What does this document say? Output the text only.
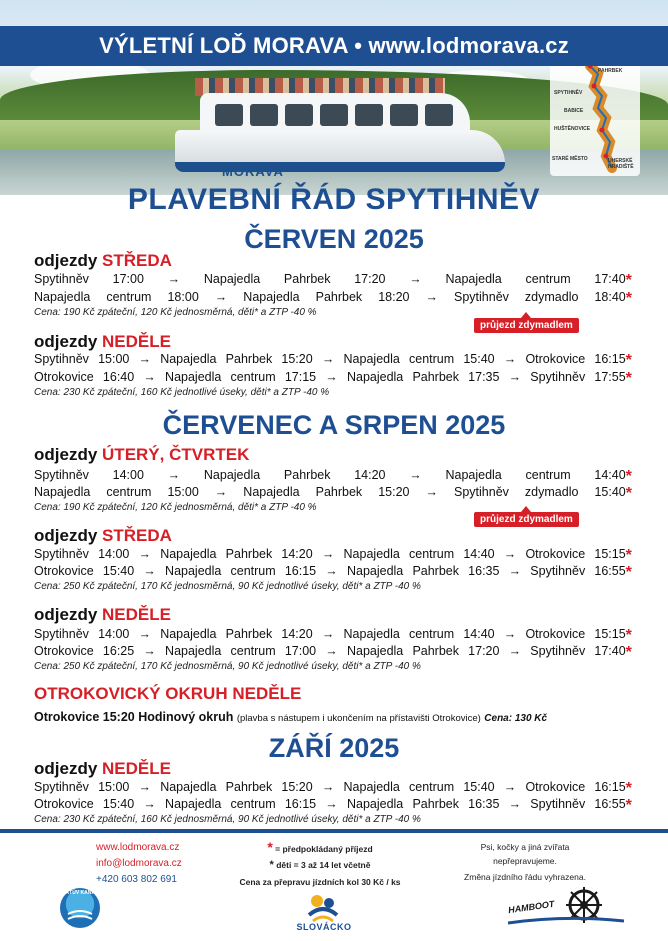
MORAVA 32302950
PAHRBEK
SPYTIHNĚV
BABICE
HUŠTĚNOVICE
STARÉ MĚSTO	UHERSKÉ HRADIŠTĚ
VÝLETNÍ LOĎ MORAVA • www.lodmorava.cz
PLAVEBNÍ ŘÁD SPYTIHNĚV
ČERVEN 2025
odjezdy STŘEDA
Spytihněv 17:00 → Napajedla Pahrbek 17:20 → Napajedla centrum 17:40*
Napajedla centrum 18:00 → Napajedla Pahrbek 18:20 → Spytihněv zdymadlo 18:40*
Cena: 190 Kč zpáteční, 120 Kč jednosměrná, děti* a ZTP -40 %
průjezd zdymadlem
odjezdy NEDĚLE
Spytihněv 15:00 → Napajedla Pahrbek 15:20 → Napajedla centrum 15:40 → Otrokovice 16:15*
Otrokovice 16:40 → Napajedla centrum 17:15 → Napajedla Pahrbek 17:35 → Spytihněv 17:55*
Cena: 230 Kč zpáteční, 160 Kč jednotlivé úseky, děti* a ZTP -40 %
ČERVENEC A SRPEN 2025
odjezdy ÚTERÝ, ČTVRTEK
Spytihněv 14:00 → Napajedla Pahrbek 14:20 → Napajedla centrum 14:40*
Napajedla centrum 15:00 → Napajedla Pahrbek 15:20 → Spytihněv zdymadlo 15:40*
Cena: 190 Kč zpáteční, 120 Kč jednosměrná, děti* a ZTP -40 %
průjezd zdymadlem
odjezdy STŘEDA
Spytihněv 14:00 → Napajedla Pahrbek 14:20 → Napajedla centrum 14:40 → Otrokovice 15:15*
Otrokovice 15:40 → Napajedla centrum 16:15 → Napajedla Pahrbek 16:35 → Spytihněv 16:55*
Cena: 250 Kč zpáteční, 170 Kč jednosměrná, 90 Kč jednotlivé úseky, děti* a ZTP -40 %
odjezdy NEDĚLE
Spytihněv 14:00 → Napajedla Pahrbek 14:20 → Napajedla centrum 14:40 → Otrokovice 15:15*
Otrokovice 16:25 → Napajedla centrum 17:00 → Napajedla Pahrbek 17:20 → Spytihněv 17:40*
Cena: 250 Kč zpáteční, 170 Kč jednosměrná, 90 Kč jednotlivé úseky, děti* a ZTP -40 %
OTROKOVICKÝ OKRUH NEDĚLE
Otrokovice 15:20 Hodinový okruh (plavba s nástupem i ukončením na přístavišti Otrokovice) Cena: 130 Kč
ZÁŘÍ 2025
odjezdy NEDĚLE
Spytihněv 15:00 → Napajedla Pahrbek 15:20 → Napajedla centrum 15:40 → Otrokovice 16:15*
Otrokovice 15:40 → Napajedla centrum 16:15 → Napajedla Pahrbek 16:35 → Spytihněv 16:55*
Cena: 230 Kč zpáteční, 160 Kč jednosměrná, 90 Kč jednotlivé úseky, děti* a ZTP -40 %
www.lodmorava.cz
info@lodmorava.cz
+420 603 802 691
* = předpokládaný příjezd
* děti = 3 až 14 let včetně
Cena za přepravu jízdních kol 30 Kč / ks
Psi, kočky a jiná zvířata
nepřepravujeme.
Změna jízdního řádu vyhrazena.
BAŤŮV KANÁL
SLOVÁCKO
HAMBOOT
